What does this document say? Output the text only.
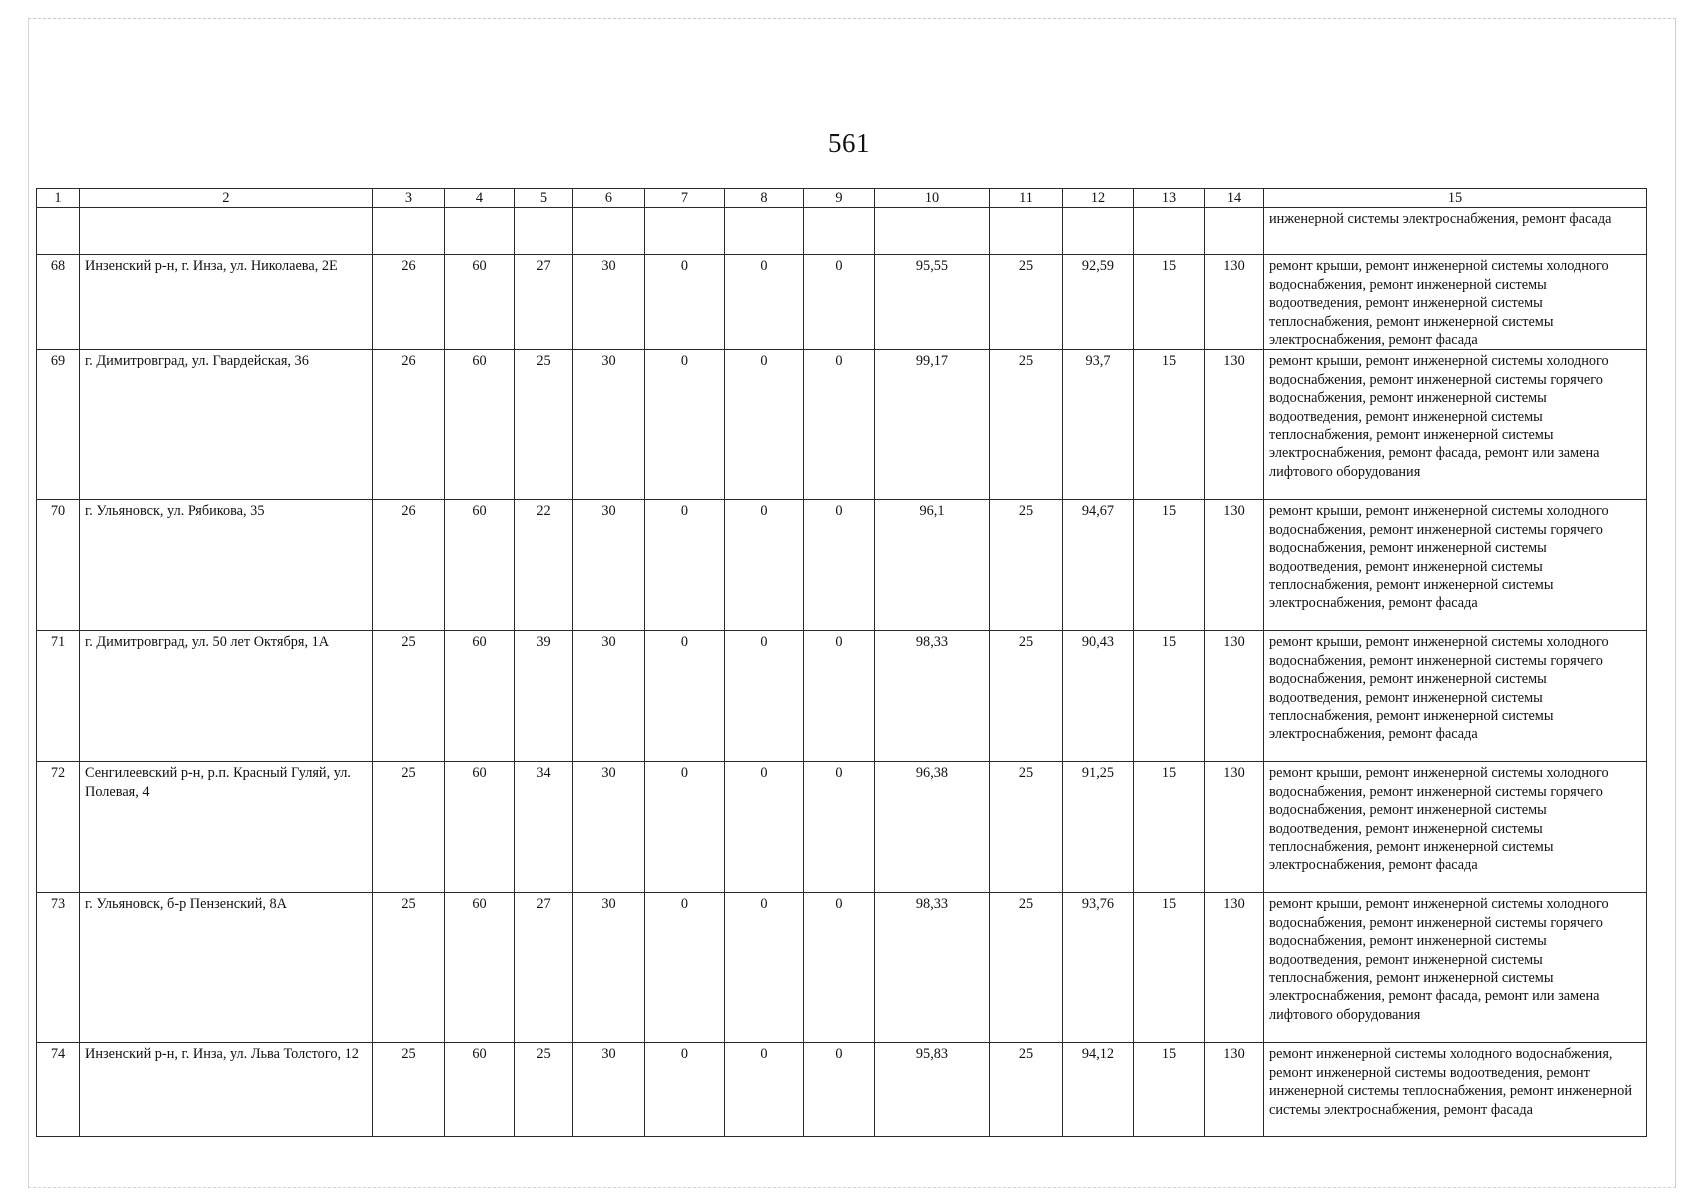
561
1	2	3	4	5	6	7	8	9	10	11	12	13	14	15
														инженерной системы электроснабжения, ремонт фасада
68	Инзенский р-н, г. Инза, ул. Николаева, 2Е	26	60	27	30	0	0	0	95,55	25	92,59	15	130	ремонт крыши, ремонт инженерной системы холодного водоснабжения, ремонт инженерной системы водоотведения, ремонт инженерной системы теплоснабжения, ремонт инженерной системы электроснабжения, ремонт фасада
69	г. Димитровград, ул. Гвардейская, 36	26	60	25	30	0	0	0	99,17	25	93,7	15	130	ремонт крыши, ремонт инженерной системы холодного водоснабжения, ремонт инженерной системы горячего водоснабжения, ремонт инженерной системы водоотведения, ремонт инженерной системы теплоснабжения, ремонт инженерной системы электроснабжения, ремонт фасада, ремонт или замена лифтового оборудования
70	г. Ульяновск, ул. Рябикова, 35	26	60	22	30	0	0	0	96,1	25	94,67	15	130	ремонт крыши, ремонт инженерной системы холодного водоснабжения, ремонт инженерной системы горячего водоснабжения, ремонт инженерной системы водоотведения, ремонт инженерной системы теплоснабжения, ремонт инженерной системы электроснабжения, ремонт фасада
71	г. Димитровград, ул. 50 лет Октября, 1А	25	60	39	30	0	0	0	98,33	25	90,43	15	130	ремонт крыши, ремонт инженерной системы холодного водоснабжения, ремонт инженерной системы горячего водоснабжения, ремонт инженерной системы водоотведения, ремонт инженерной системы теплоснабжения, ремонт инженерной системы электроснабжения, ремонт фасада
72	Сенгилеевский р-н, р.п. Красный Гуляй, ул. Полевая, 4	25	60	34	30	0	0	0	96,38	25	91,25	15	130	ремонт крыши, ремонт инженерной системы холодного водоснабжения, ремонт инженерной системы горячего водоснабжения, ремонт инженерной системы водоотведения, ремонт инженерной системы теплоснабжения, ремонт инженерной системы электроснабжения, ремонт фасада
73	г. Ульяновск, б-р Пензенский, 8А	25	60	27	30	0	0	0	98,33	25	93,76	15	130	ремонт крыши, ремонт инженерной системы холодного водоснабжения, ремонт инженерной системы горячего водоснабжения, ремонт инженерной системы водоотведения, ремонт инженерной системы теплоснабжения, ремонт инженерной системы электроснабжения, ремонт фасада, ремонт или замена лифтового оборудования
74	Инзенский р-н, г. Инза, ул. Льва Толстого, 12	25	60	25	30	0	0	0	95,83	25	94,12	15	130	ремонт инженерной системы холодного водоснабжения, ремонт инженерной системы водоотведения, ремонт инженерной системы теплоснабжения, ремонт инженерной системы электроснабжения, ремонт фасада
